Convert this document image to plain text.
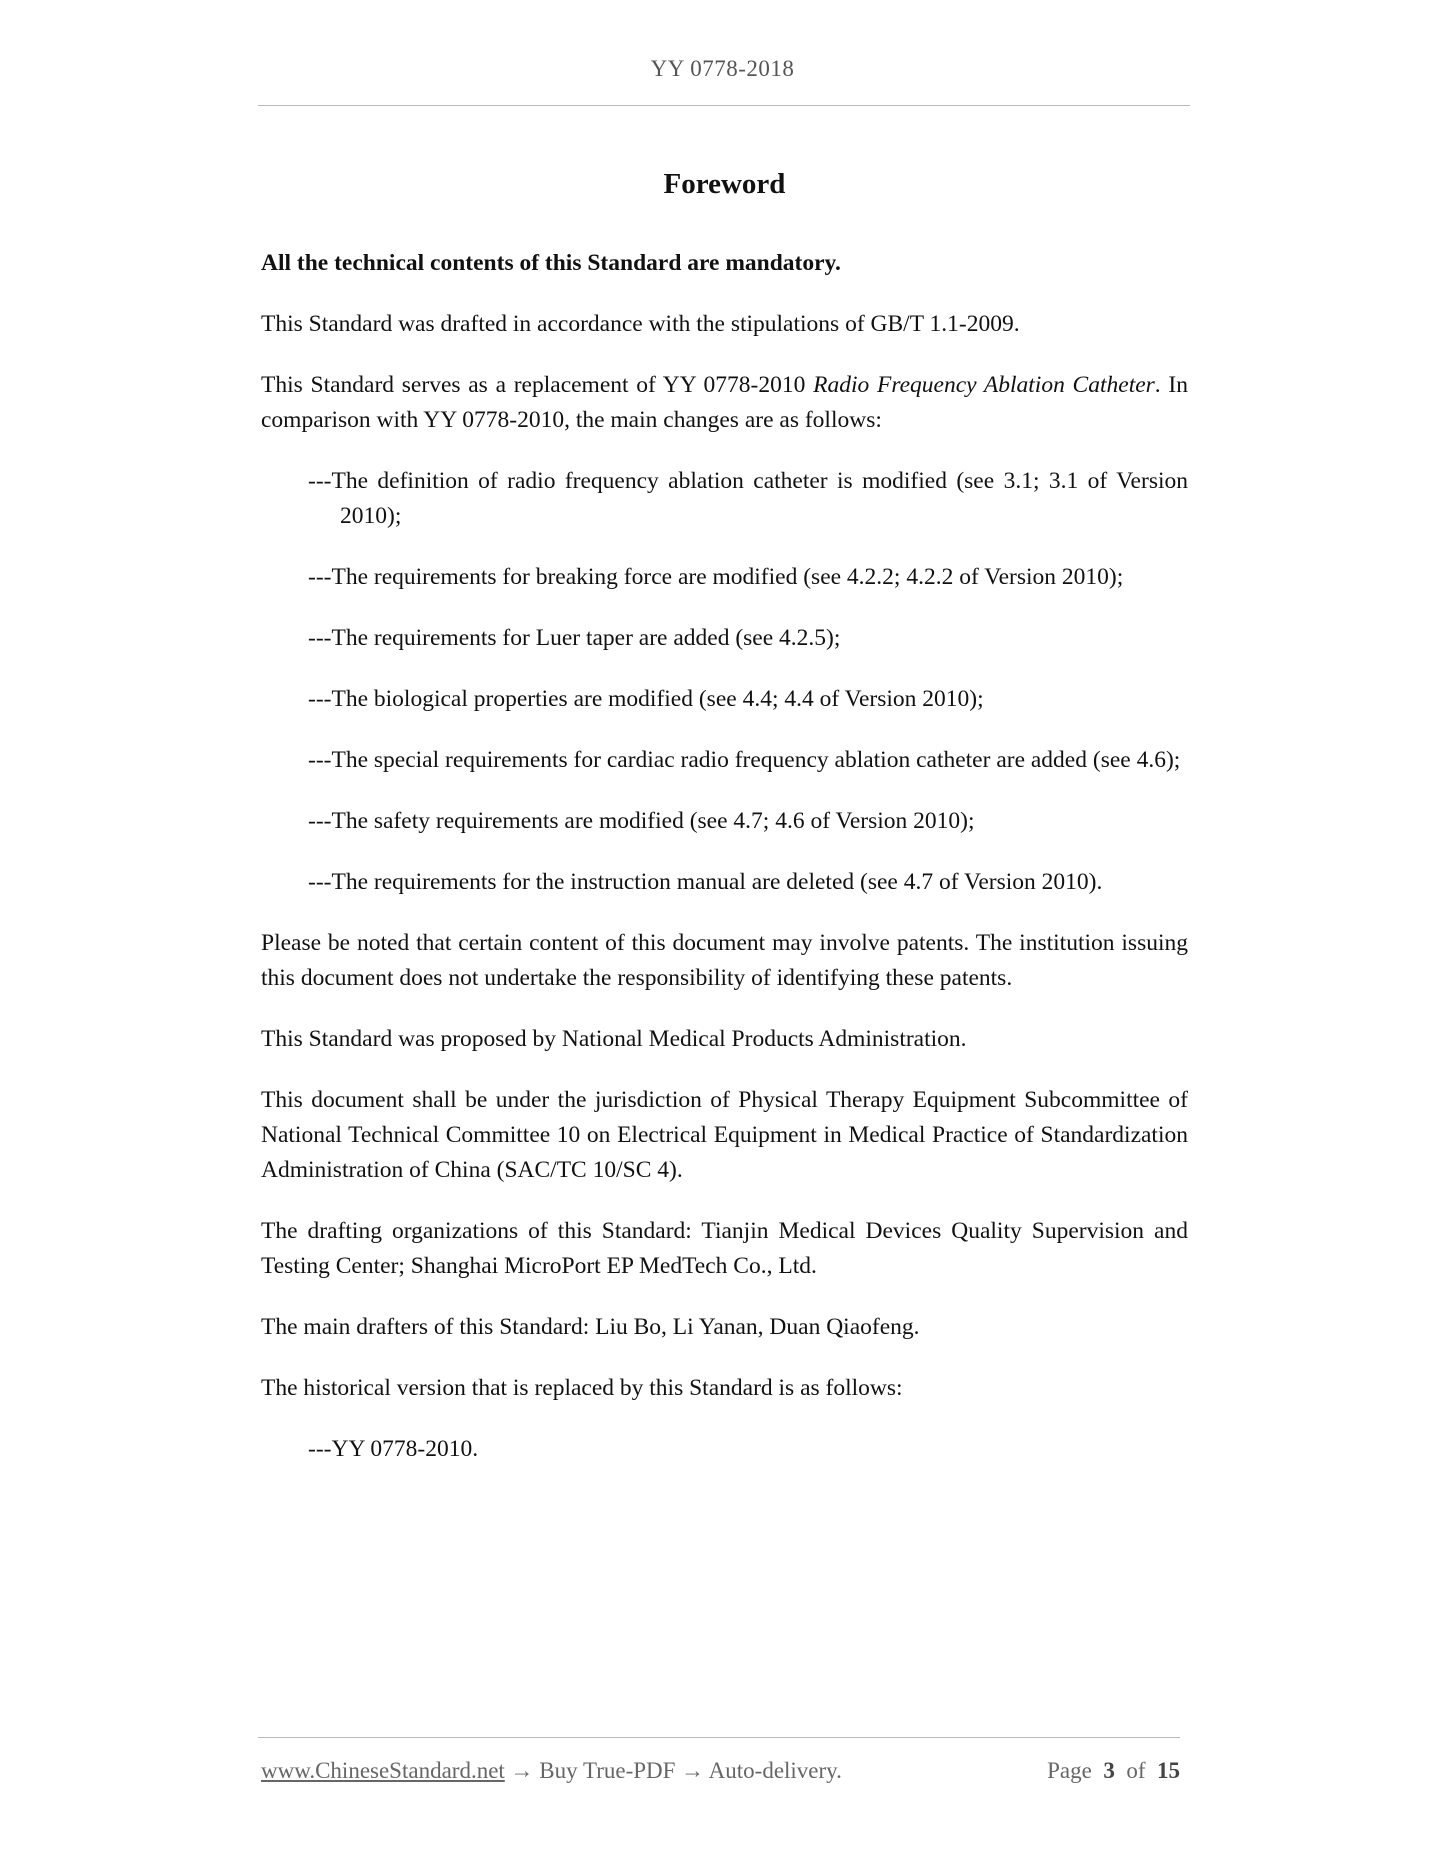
YY 0778-2018
Foreword

All the technical contents of this Standard are mandatory.

This Standard was drafted in accordance with the stipulations of GB/T 1.1-2009.

This Standard serves as a replacement of YY 0778-2010 Radio Frequency Ablation Catheter. In comparison with YY 0778-2010, the main changes are as follows:

---The definition of radio frequency ablation catheter is modified (see 3.1; 3.1 of Version 2010);

---The requirements for breaking force are modified (see 4.2.2; 4.2.2 of Version 2010);

---The requirements for Luer taper are added (see 4.2.5);

---The biological properties are modified (see 4.4; 4.4 of Version 2010);

---The special requirements for cardiac radio frequency ablation catheter are added (see 4.6);

---The safety requirements are modified (see 4.7; 4.6 of Version 2010);

---The requirements for the instruction manual are deleted (see 4.7 of Version 2010).

Please be noted that certain content of this document may involve patents. The institution issuing this document does not undertake the responsibility of identifying these patents.

This Standard was proposed by National Medical Products Administration.

This document shall be under the jurisdiction of Physical Therapy Equipment Subcommittee of National Technical Committee 10 on Electrical Equipment in Medical Practice of Standardization Administration of China (SAC/TC 10/SC 4).

The drafting organizations of this Standard: Tianjin Medical Devices Quality Supervision and Testing Center; Shanghai MicroPort EP MedTech Co., Ltd.

The main drafters of this Standard: Liu Bo, Li Yanan, Duan Qiaofeng.

The historical version that is replaced by this Standard is as follows:

---YY 0778-2010.

www.ChineseStandard.net → Buy True-PDF → Auto-delivery.	Page 3 of 15
